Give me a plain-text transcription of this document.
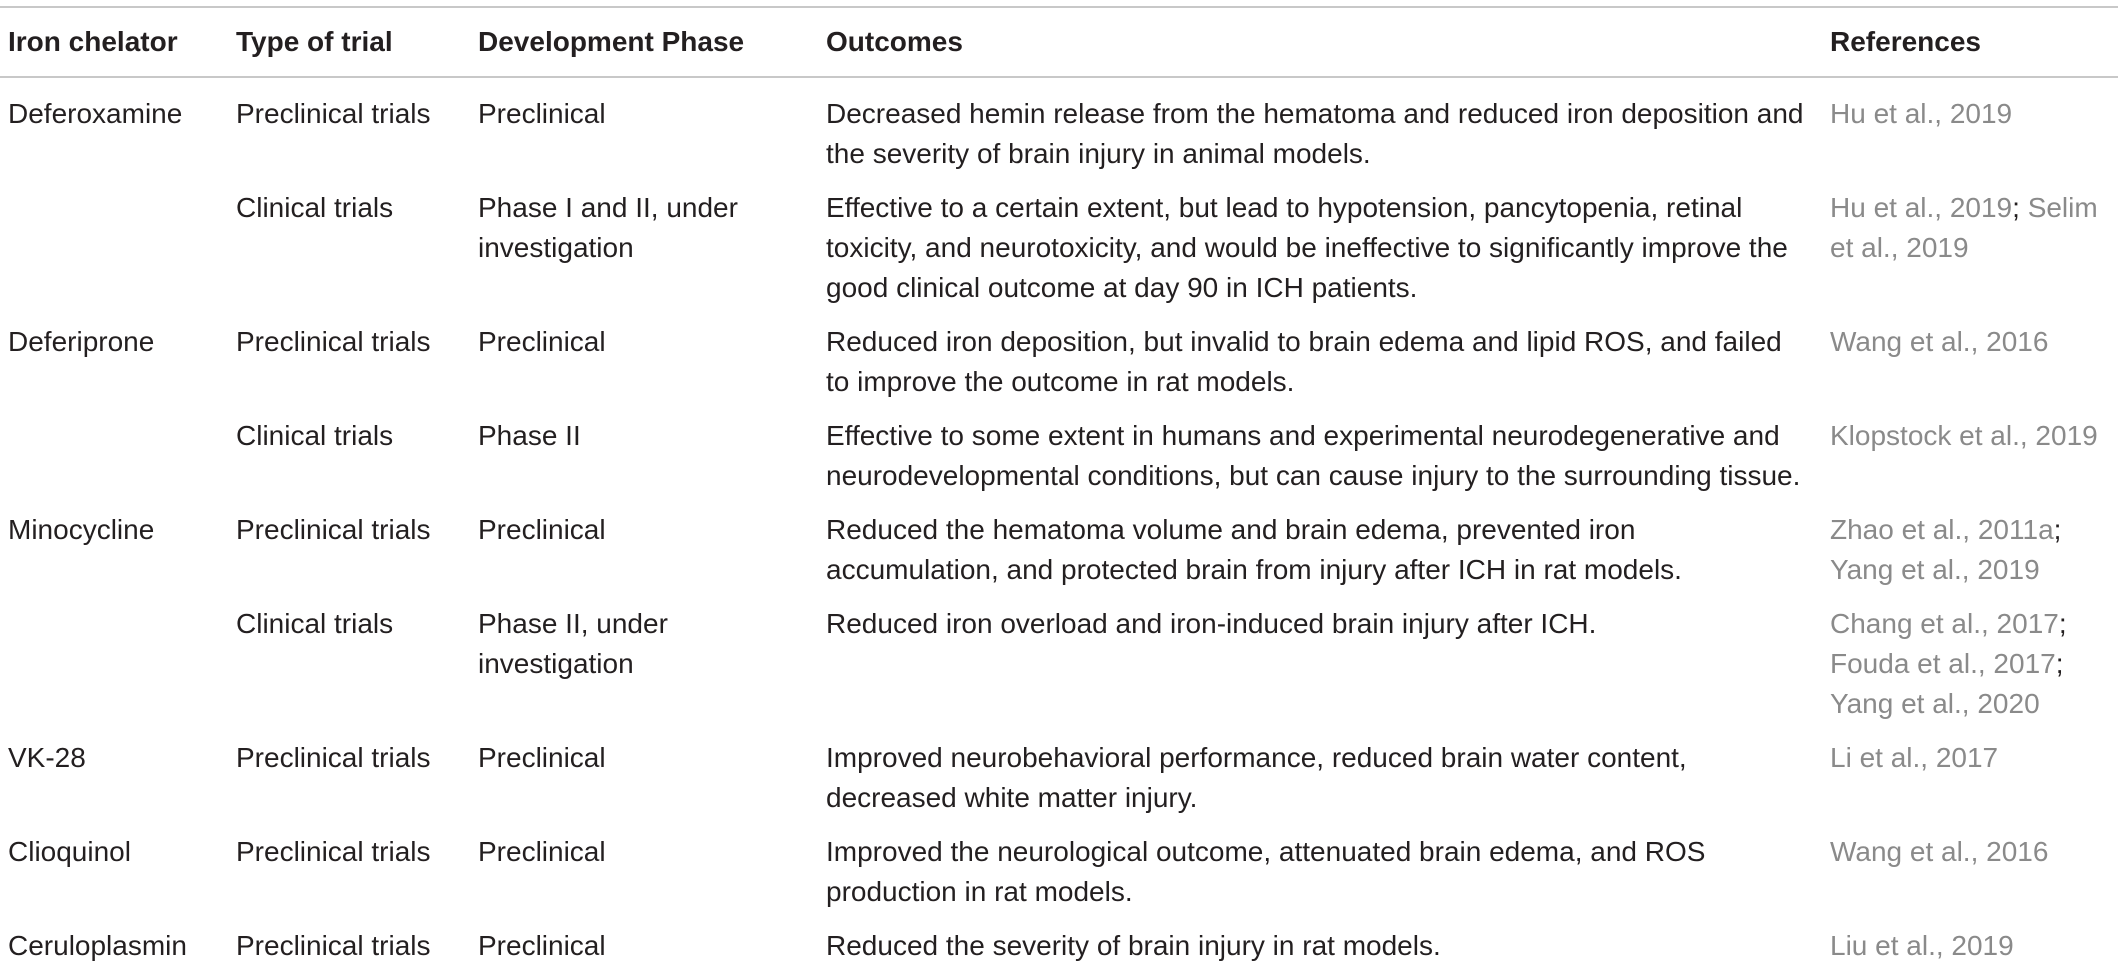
Iron chelator	Type of trial	Development Phase	Outcomes	References
Deferoxamine	Preclinical trials	Preclinical	Decreased hemin release from the hematoma and reduced iron deposition and the severity of brain injury in animal models.	Hu et al., 2019
	Clinical trials	Phase I and II, under investigation	Effective to a certain extent, but lead to hypotension, pancytopenia, retinal toxicity, and neurotoxicity, and would be ineffective to significantly improve the good clinical outcome at day 90 in ICH patients.	Hu et al., 2019; Selim et al., 2019
Deferiprone	Preclinical trials	Preclinical	Reduced iron deposition, but invalid to brain edema and lipid ROS, and failed to improve the outcome in rat models.	Wang et al., 2016
	Clinical trials	Phase II	Effective to some extent in humans and experimental neurodegenerative and neurodevelopmental conditions, but can cause injury to the surrounding tissue.	Klopstock et al., 2019
Minocycline	Preclinical trials	Preclinical	Reduced the hematoma volume and brain edema, prevented iron accumulation, and protected brain from injury after ICH in rat models.	Zhao et al., 2011a; Yang et al., 2019
	Clinical trials	Phase II, under investigation	Reduced iron overload and iron-induced brain injury after ICH.	Chang et al., 2017; Fouda et al., 2017; Yang et al., 2020
VK-28	Preclinical trials	Preclinical	Improved neurobehavioral performance, reduced brain water content, decreased white matter injury.	Li et al., 2017
Clioquinol	Preclinical trials	Preclinical	Improved the neurological outcome, attenuated brain edema, and ROS production in rat models.	Wang et al., 2016
Ceruloplasmin	Preclinical trials	Preclinical	Reduced the severity of brain injury in rat models.	Liu et al., 2019
